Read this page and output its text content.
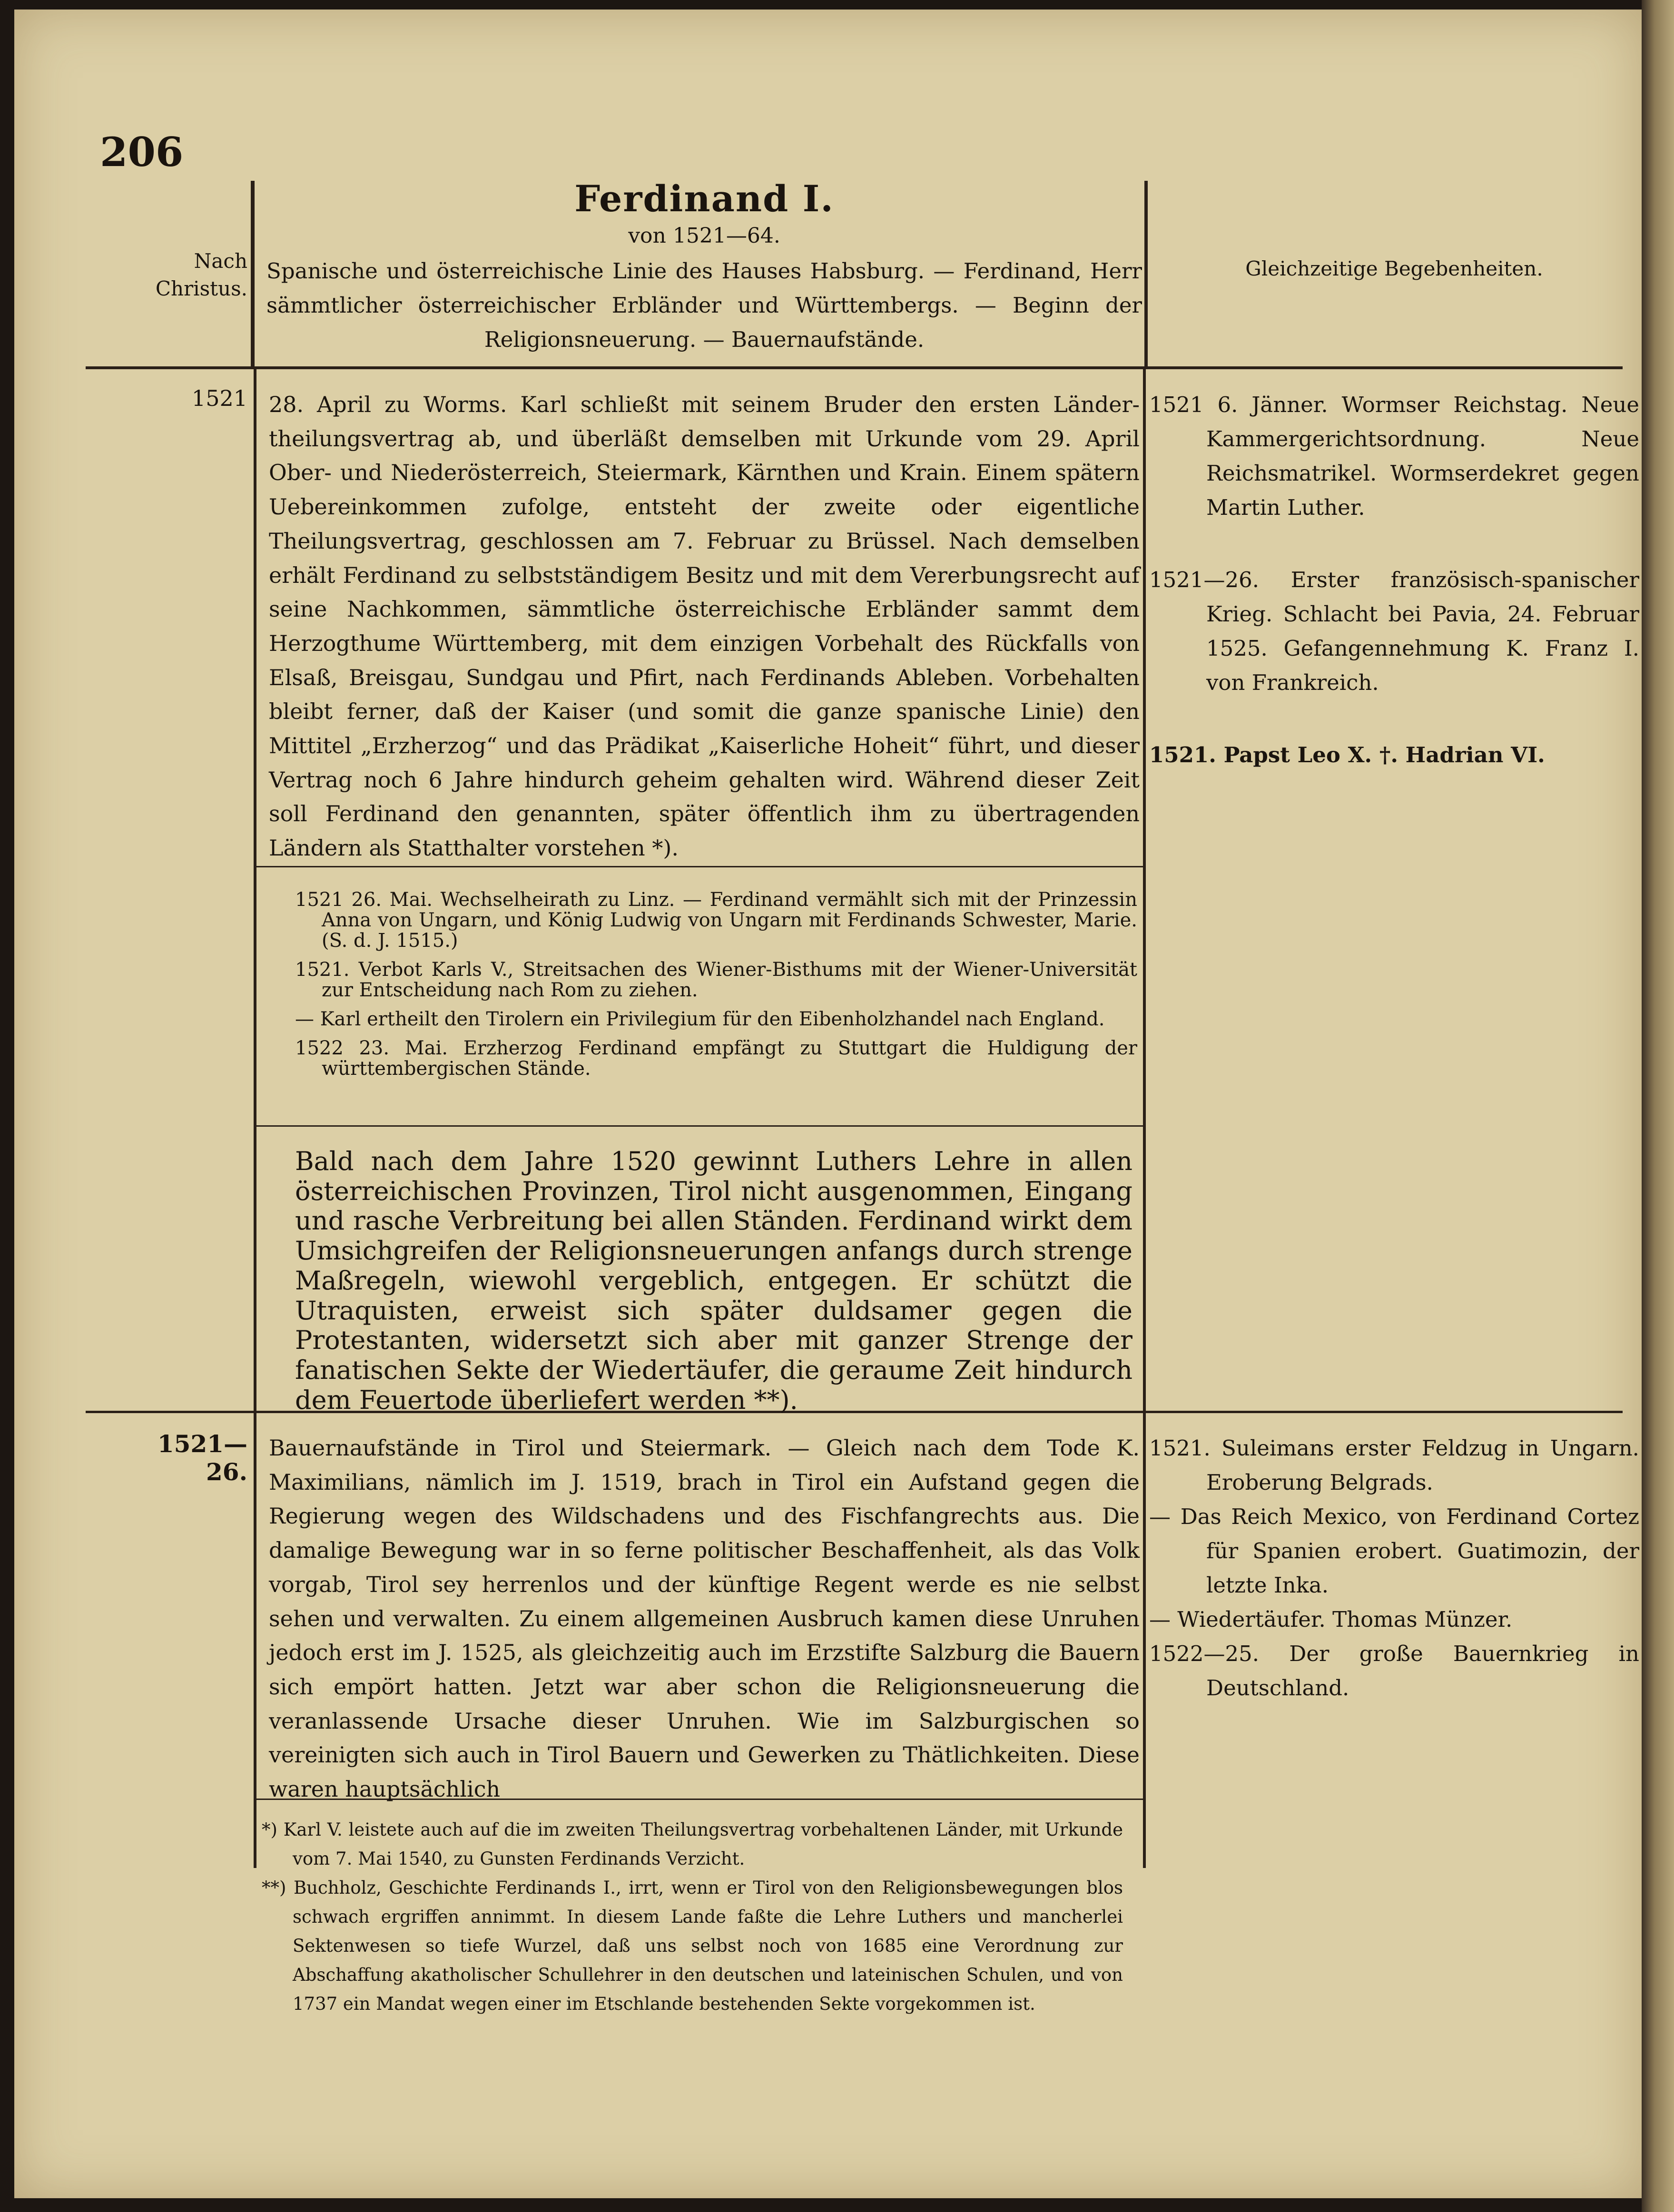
206
Nach Christus.
Ferdinand I.
von 1521—64.
Spanische und österreichische Linie des Hauses Habsburg. — Ferdinand, Herr sämmtlicher österreichischer Erbländer und Württembergs. — Beginn der Religionsneuerung. — Bauernaufstände.
Gleichzeitige Begebenheiten.
1521 28. April zu Worms. Karl schließt mit seinem Bruder den ersten Länder-theilungsvertrag ab, und überläßt demselben mit Urkunde vom 29. April Ober- und Niederösterreich, Steiermark, Kärnthen und Krain. Einem spätern Uebereinkommen zufolge, entsteht der zweite oder eigentliche Theilungsvertrag, geschlossen am 7. Februar zu Brüssel. Nach demselben erhält Ferdinand zu selbstständigem Besitz und mit dem Vererbungsrecht auf seine Nachkommen, sämmtliche österreichische Erbländer sammt dem Herzogthume Württemberg, mit dem einzigen Vorbehalt des Rückfalls von Elsaß, Breisgau, Sundgau und Pfirt, nach Ferdinands Ableben. Vorbehalten bleibt ferner, daß der Kaiser (und somit die ganze spanische Linie) den Mittitel „Erzherzog“ und das Prädikat „Kaiserliche Hoheit“ führt, und dieser Vertrag noch 6 Jahre hindurch geheim gehalten wird. Während dieser Zeit soll Ferdinand den genannten, später öffentlich ihm zu übertragenden Ländern als Statthalter vorstehen *).

1521 26. Mai. Wechselheirath zu Linz. — Ferdinand vermählt sich mit der Prinzessin Anna von Ungarn, und König Ludwig von Ungarn mit Ferdinands Schwester, Marie. (S. d. J. 1515.)

1521. Verbot Karls V., Streitsachen des Wiener-Bisthums mit der Wiener-Universität zur Entscheidung nach Rom zu ziehen.

— Karl ertheilt den Tirolern ein Privilegium für den Eibenholzhandel nach England.

1522 23. Mai. Erzherzog Ferdinand empfängt zu Stuttgart die Huldigung der württembergischen Stände.

Bald nach dem Jahre 1520 gewinnt Luthers Lehre in allen österreichischen Provinzen, Tirol nicht ausgenommen, Eingang und rasche Verbreitung bei allen Ständen. Ferdinand wirkt dem Umsichgreifen der Religionsneuerungen anfangs durch strenge Maßregeln, wiewohl vergeblich, entgegen. Er schützt die Utraquisten, erweist sich später duldsamer gegen die Protestanten, widersetzt sich aber mit ganzer Strenge der fanatischen Sekte der Wiedertäufer, die geraume Zeit hindurch dem Feuertode überliefert werden **).
1521—26.
Bauernaufstände in Tirol und Steiermark. — Gleich nach dem Tode K. Maximilians, nämlich im J. 1519, brach in Tirol ein Aufstand gegen die Regierung wegen des Wildschadens und des Fischfangrechts aus. Die damalige Bewegung war in so ferne politischer Beschaffenheit, als das Volk vorgab, Tirol sey herrenlos und der künftige Regent werde es nie selbst sehen und verwalten. Zu einem allgemeinen Ausbruch kamen diese Unruhen jedoch erst im J. 1525, als gleichzeitig auch im Erzstifte Salzburg die Bauern sich empört hatten. Jetzt war aber schon die Religionsneuerung die veranlassende Ursache dieser Unruhen. Wie im Salzburgischen so vereinigten sich auch in Tirol Bauern und Gewerken zu Thätlichkeiten. Diese waren hauptsächlich

1521 6. Jänner. Wormser Reichstag. Neue Kammergerichtsordnung. Neue Reichsmatrikel. Wormserdekret gegen Martin Luther.

1521—26. Erster französisch-spanischer Krieg. Schlacht bei Pavia, 24. Februar 1525. Gefangennehmung K. Franz I. von Frankreich.

1521. Papst Leo X. †. Hadrian VI.

1521. Suleimans erster Feldzug in Ungarn. Eroberung Belgrads.

— Das Reich Mexico, von Ferdinand Cortez für Spanien erobert. Guatimozin, der letzte Inka.

— Wiedertäufer. Thomas Münzer.

1522—25. Der große Bauernkrieg in Deutschland.

*) Karl V. leistete auch auf die im zweiten Theilungsvertrag vorbehaltenen Länder, mit Urkunde vom 7. Mai 1540, zu Gunsten Ferdinands Verzicht.

**) Buchholz, Geschichte Ferdinands I., irrt, wenn er Tirol von den Religionsbewegungen blos schwach ergriffen annimmt. In diesem Lande faßte die Lehre Luthers und mancherlei Sektenwesen so tiefe Wurzel, daß uns selbst noch von 1685 eine Verordnung zur Abschaffung akatholischer Schullehrer in den deutschen und lateinischen Schulen, und von 1737 ein Mandat wegen einer im Etschlande bestehenden Sekte vorgekommen ist.
